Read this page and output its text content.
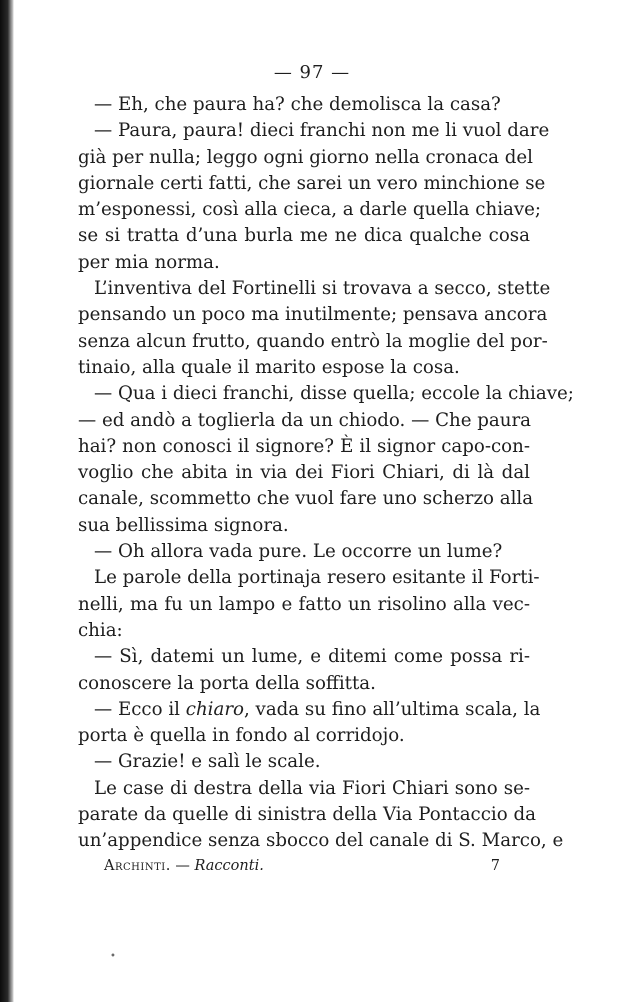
— 97 —
— Eh, che paura ha? che demolisca la casa?
— Paura, paura! dieci franchi non me li vuol dare
già per nulla; leggo ogni giorno nella cronaca del
giornale certi fatti, che sarei un vero minchione se
m’esponessi, così alla cieca, a darle quella chiave;
se si tratta d’una burla me ne dica qualche cosa
per mia norma.
L’inventiva del Fortinelli si trovava a secco, stette
pensando un poco ma inutilmente; pensava ancora
senza alcun frutto, quando entrò la moglie del por-
tinaio, alla quale il marito espose la cosa.
— Qua i dieci franchi, disse quella; eccole la chiave;
— ed andò a toglierla da un chiodo. — Che paura
hai? non conosci il signore? È il signor capo-con-
voglio che abita in via dei Fiori Chiari, di là dal
canale, scommetto che vuol fare uno scherzo alla
sua bellissima signora.
— Oh allora vada pure. Le occorre un lume?
Le parole della portinaja resero esitante il Forti-
nelli, ma fu un lampo e fatto un risolino alla vec-
chia:
— Sì, datemi un lume, e ditemi come possa ri-
conoscere la porta della soffitta.
— Ecco il chiaro, vada su fino all’ultima scala, la
porta è quella in fondo al corridojo.
— Grazie! e salì le scale.
Le case di destra della via Fiori Chiari sono se-
parate da quelle di sinistra della Via Pontaccio da
un’appendice senza sbocco del canale di S. Marco, e
Archinti. — Racconti.	7
•
